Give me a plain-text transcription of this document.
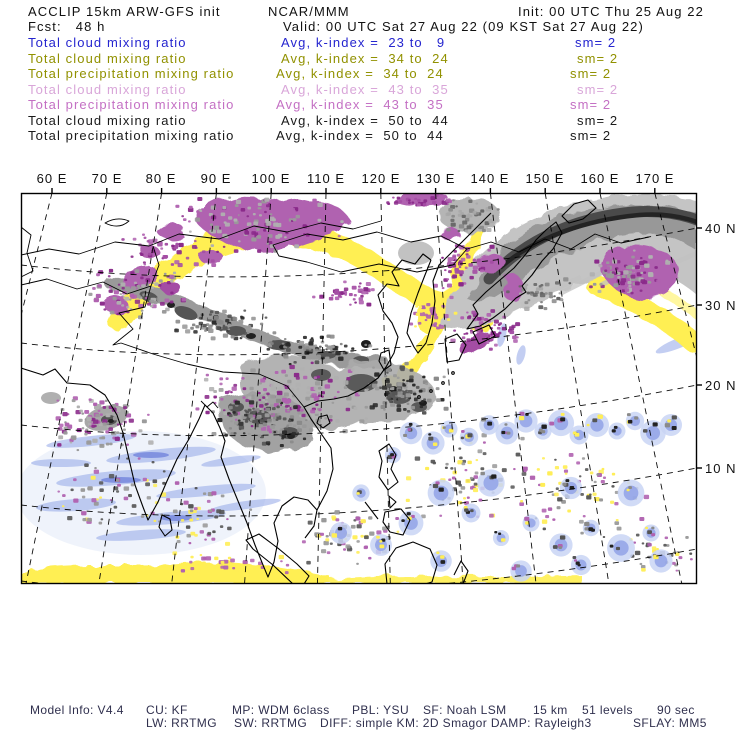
ACCLIP 15km ARW-GFS init	NCAR/MMM	Init: 00 UTC Thu 25 Aug 22
Fcst:   48 h	Valid: 00 UTC Sat 27 Aug 22 (09 KST Sat 27 Aug 22)
Total cloud mixing ratio	Avg, k-index =  23 to   9	sm= 2
Total cloud mixing ratio	Avg, k-index =  34 to  24	sm= 2
Total precipitation mixing ratio	Avg, k-index =  34 to  24	sm= 2
Total cloud mixing ratio	Avg, k-index =  43 to  35	sm= 2
Total precipitation mixing ratio	Avg, k-index =  43 to  35	sm= 2
Total cloud mixing ratio	Avg, k-index =  50 to  44	sm= 2
Total precipitation mixing ratio	Avg, k-index =  50 to  44	sm= 2
60 E 70 E 80 E 90 E 100 E 110 E 120 E 130 E 140 E 150 E 160 E 170 E
40 N
30 N
20 N
10 N
Model Info: V4.4 CU: KF	MP: WDM 6class PBL: YSU SF: Noah LSM 15 km 51 levels 90 sec
LW: RRTMG SW: RRTMG DIFF: simple KM: 2D Smagor DAMP: Rayleigh3	SFLAY: MM5
